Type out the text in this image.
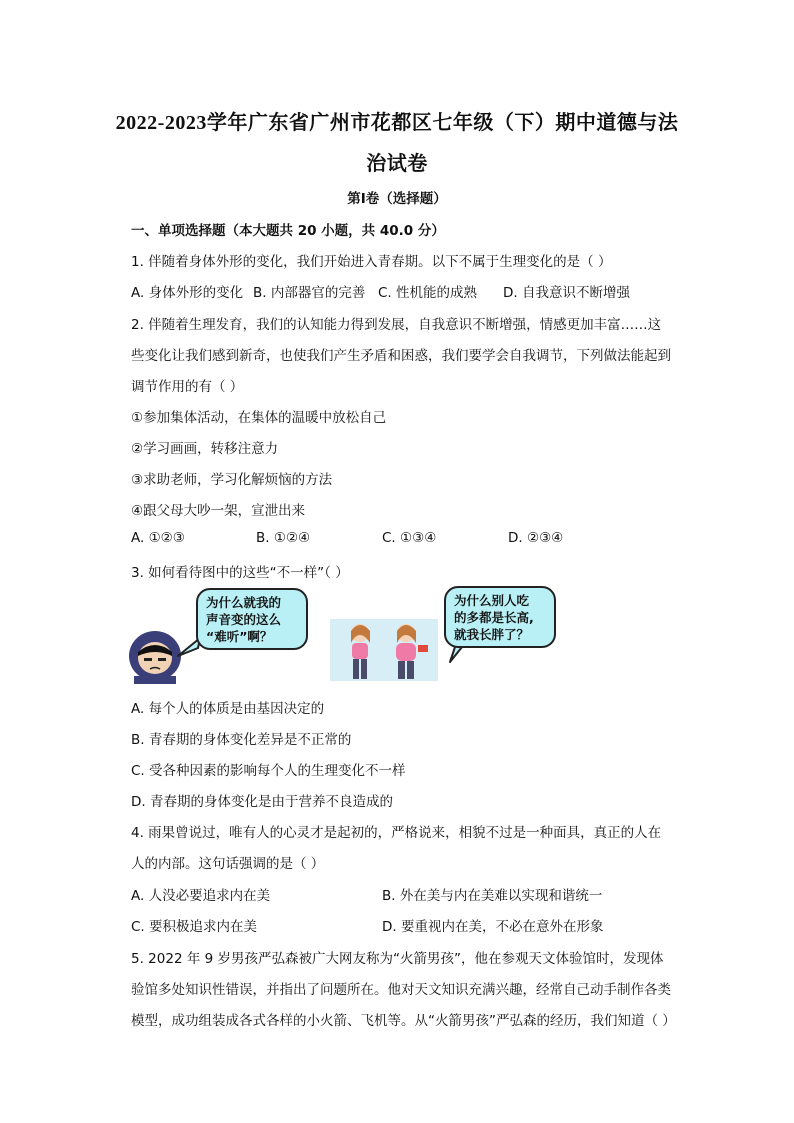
2022-2023学年广东省广州市花都区七年级（下）期中道德与法
治试卷
第I卷（选择题）
一、单项选择题（本大题共 20 小题，共 40.0 分）
1. 伴随着身体外形的变化，我们开始进入青春期。以下不属于生理变化的是（ ）
A. 身体外形的变化 B. 内部器官的完善 C. 性机能的成熟 D. 自我意识不断增强
2. 伴随着生理发育，我们的认知能力得到发展，自我意识不断增强，情感更加丰富……这
些变化让我们感到新奇，也使我们产生矛盾和困惑，我们要学会自我调节，下列做法能起到
调节作用的有（ ）
①参加集体活动，在集体的温暖中放松自己
②学习画画，转移注意力
③求助老师，学习化解烦恼的方法
④跟父母大吵一架，宣泄出来
A. ①②③	B. ①②④	C. ①③④	D. ②③④
3. 如何看待图中的这些“不一样”（ ）
为什么就我的
声音变的这么
“难听”啊？
为什么别人吃
的多都是长高,
就我长胖了？
A. 每个人的体质是由基因决定的
B. 青春期的身体变化差异是不正常的
C. 受各种因素的影响每个人的生理变化不一样
D. 青春期的身体变化是由于营养不良造成的
4. 雨果曾说过，唯有人的心灵才是起初的，严格说来，相貌不过是一种面具，真正的人在
人的内部。这句话强调的是（ ）
A. 人没必要追求内在美	B. 外在美与内在美难以实现和谐统一
C. 要积极追求内在美	D. 要重视内在美，不必在意外在形象
5. 2022 年 9 岁男孩严弘森被广大网友称为“火箭男孩”，他在参观天文体验馆时，发现体
验馆多处知识性错误，并指出了问题所在。他对天文知识充满兴趣，经常自己动手制作各类
模型，成功组装成各式各样的小火箭、飞机等。从“火箭男孩”严弘森的经历，我们知道（ ）
